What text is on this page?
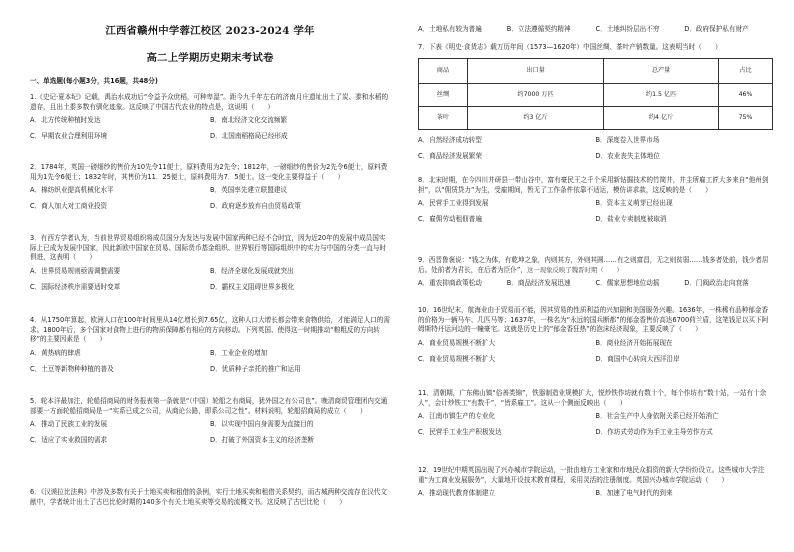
江西省赣州中学蓉江校区 2023-2024 学年
高二上学期历史期末考试卷
一、单选题(每小题3分，共16题，共48分)

1.《史记·夏本纪》记载，禹治水成功后“令益予众庶稻，可种卑湿”。距今九千年左右的济南月庄遗址出土了炭、黍和水稻的遗存，且出土黍多数有驯化迹象。这反映了中国古代农业的特点是，这说明（　　）

A．北方传统种植时发达	B．南北经济文化交流频繁
C．早期农业合理利用环境	D．北国南稻格局已经形成

2．1784年，英国一磅细纱的售价为10先令11便士，原料费用为2先令；1812年，一磅细纱的售价为2先令6便士，原料费用为1先令6便士；1832年时，其售价为11．25便士，原料费用为7．5便士。这一变化主要得益于（　　）

A．棉纺织业提高机械化水平	B．英国率先建立联盟建议
C．商人加大对工商业投资	D．政府逐步放弃自由贸易政策

3．有西方学者认为，当前世界贸易组织将成员国分为发达与发展中国家两种已经不合时宜，因为近20年的发展中成员国实际上已成为发展中国家，因此新欧中国家在贸易、国际货币基金组织、世界银行等国际组织中的实力与中国的分类一直与时俱进，这表明（　　）

A．世界贸易规则亟需调整需要	B．经济全球化发展成就突出
C．国际经济秩序需要适时变革	D．霸权主义阻碍世界多极化

4．从1750年算起，欧洲人口在100年时间里从14亿增长到7.65亿，这种人口大增长都会带来食物供给，才能满足人口的需求。1800年后，多个国家对食物上进行的物质保障都有相应的方向移动。下列英国、使得这一时期推动“粮粗反的方向转移”的主要因素是（　　）

A．黄热病的肆虐	B．工业企业的增加
C．土豆等新物种种植的普及	D．优质种子亲托的推广和运用

5．轮本洋最加注，轮船招商局的财务报表第一条就是“（中国）轮船之有商局，犹外国之有公司也”。晚清商贸管理团内交通部要一方面轮船招商局是一“实系已成之公司，从商论公路，即系公司之性”。材料说明，轮船招商局的成立（　　）

A．推动了民族工业的发展	B．以实现中国自身需要为直接目的
C．适应了实业救国的需求	D．打破了外国资本主义的经济垄断

6．《汉谟拉比法典》中涉及多数有关于土地买卖和租借的条例，实行土地买卖和租借关系契约，而古城两种交流存在汉代文献中，学者统计出土了古巴比伦时期的140多个有关土地买卖等交易的流概文书。这反映了古巴比伦（　　）

A．土地私有较为普遍	B．立法遵循契约精神	C．土地纠纷层出不穷	D．政府保护私有财产

7．下表《明史·食货志》载万历年间（1573—1620年）中国丝绸、茶叶产销数量。这表明当时（　　）

商品	出口量	总产量	占比
丝绸	约7000 万匹	约1.5 亿匹	46%
茶叶	约3 亿斤	约4 亿斤	75%
A．自然经济成功转型	B．深度卷入世界市场
C．商品经济发展繁荣	D．农业丧失主体地位

8．北宋时期，在今四川井研县一带山谷中，富有豪民王之千个采用新钻掘技术的竹简井，井主所雇工匠大多来自“他州剑担”，以“佣赁贷力”为生，受雇期间，暂无了工作条件依靠不适运，模仿讲求款，这反映的是（　　）

A．民营手工业得到发展	B．资本主义萌芽已经出现
C．雇佣劳动租佃普遍	D．盐业专卖制度被取消

9．西晋鲁褒说：“钱之为体，有乾坤之象，内则其方，外则其圆……有之则富昌，无之则贫弱……钱多者处前，钱少者居后。处前者为君长，在后者为臣仆”，这一现象反映了魏晋时期（　　）

A．重农抑商政策松动	B．商品经济发展迅速	C．儒家思想地位动摇	D．门阀政治走向衰落

10．16世纪末，航海业由于贸易而不能，因其贸易的性质利益的兴加剧和美国服务兴趣。1636年，一株稀有品种郁金香的价格为一辆马车、几匹马等；1637年，一株名为“永远的国兵断都”的郁金香售价高达6700荷兰盾，这笔钱足以买下阿姆斯特丹运河边的一幢豪宅。这就是历史上的“郁金香狂热”的泡沫经济现象，主要反映了（　　）

A．商业贸易规模不断扩大	B．商业经济开始拓展现在
C．商业贸易规模不断扩大	D．商国中心转向大西洋沿岸

11．清朝期，广东佛山镇“俗善类锦”，铁器制造业规模扩大，悦炒铁作坊就有数十个，每个作坊有“数十站，一站有十余人”，会计炒铁工“有数千”，“皆系雇工”。这从一个侧面反映出（　　）

A．江南市镇生产的专业化	B．社会生产中人身依附关系已经开始消亡
C．民营手工业生产积极发达	D．作坊式劳动作为手工业主导劳作方式

12．19世纪中期英国出现了兴办城市学院运动，一批由地方工业家和市地民众捐资的新大学纷纷设立。这些城市大学注重“为工商业发展服务”，大量地开设技术教育课程，采用灵活的注册制度。英国兴办城市学院运动（　　）

A．推动现代教育体制建立	B．加速了电气时代的到来
